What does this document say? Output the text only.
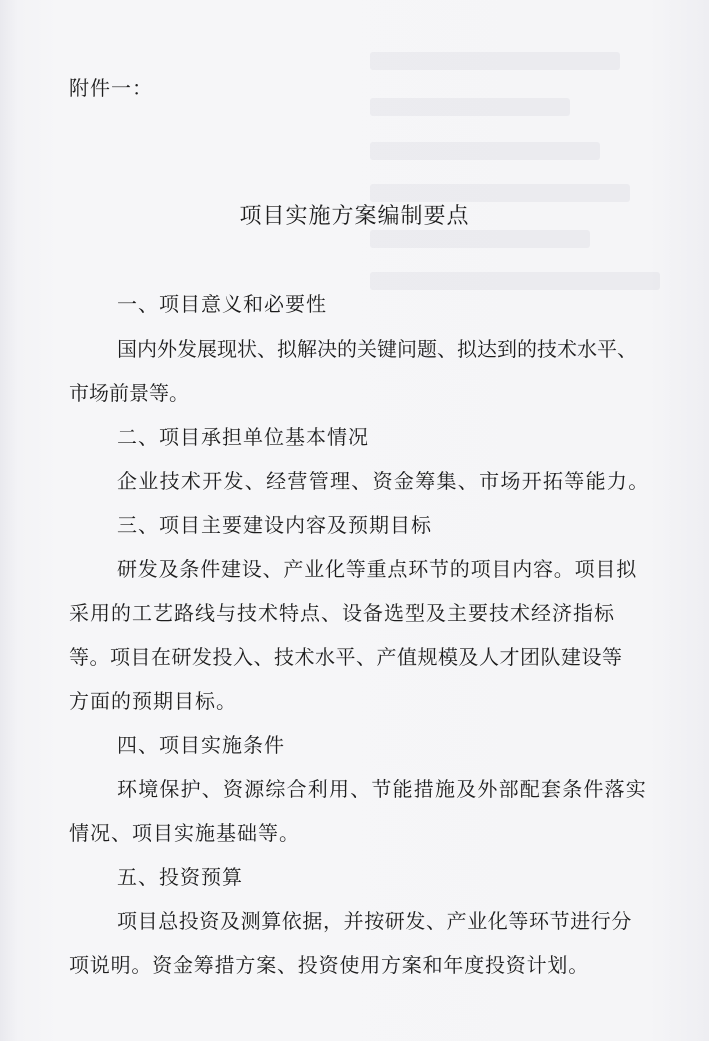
附件一：
项目实施方案编制要点
一、项目意义和必要性
国内外发展现状、拟解决的关键问题、拟达到的技术水平、
市场前景等。
二、项目承担单位基本情况
企业技术开发、经营管理、资金筹集、市场开拓等能力。
三、项目主要建设内容及预期目标
研发及条件建设、产业化等重点环节的项目内容。项目拟
采用的工艺路线与技术特点、设备选型及主要技术经济指标
等。项目在研发投入、技术水平、产值规模及人才团队建设等
方面的预期目标。
四、项目实施条件
环境保护、资源综合利用、节能措施及外部配套条件落实
情况、项目实施基础等。
五、投资预算
项目总投资及测算依据，并按研发、产业化等环节进行分
项说明。资金筹措方案、投资使用方案和年度投资计划。
